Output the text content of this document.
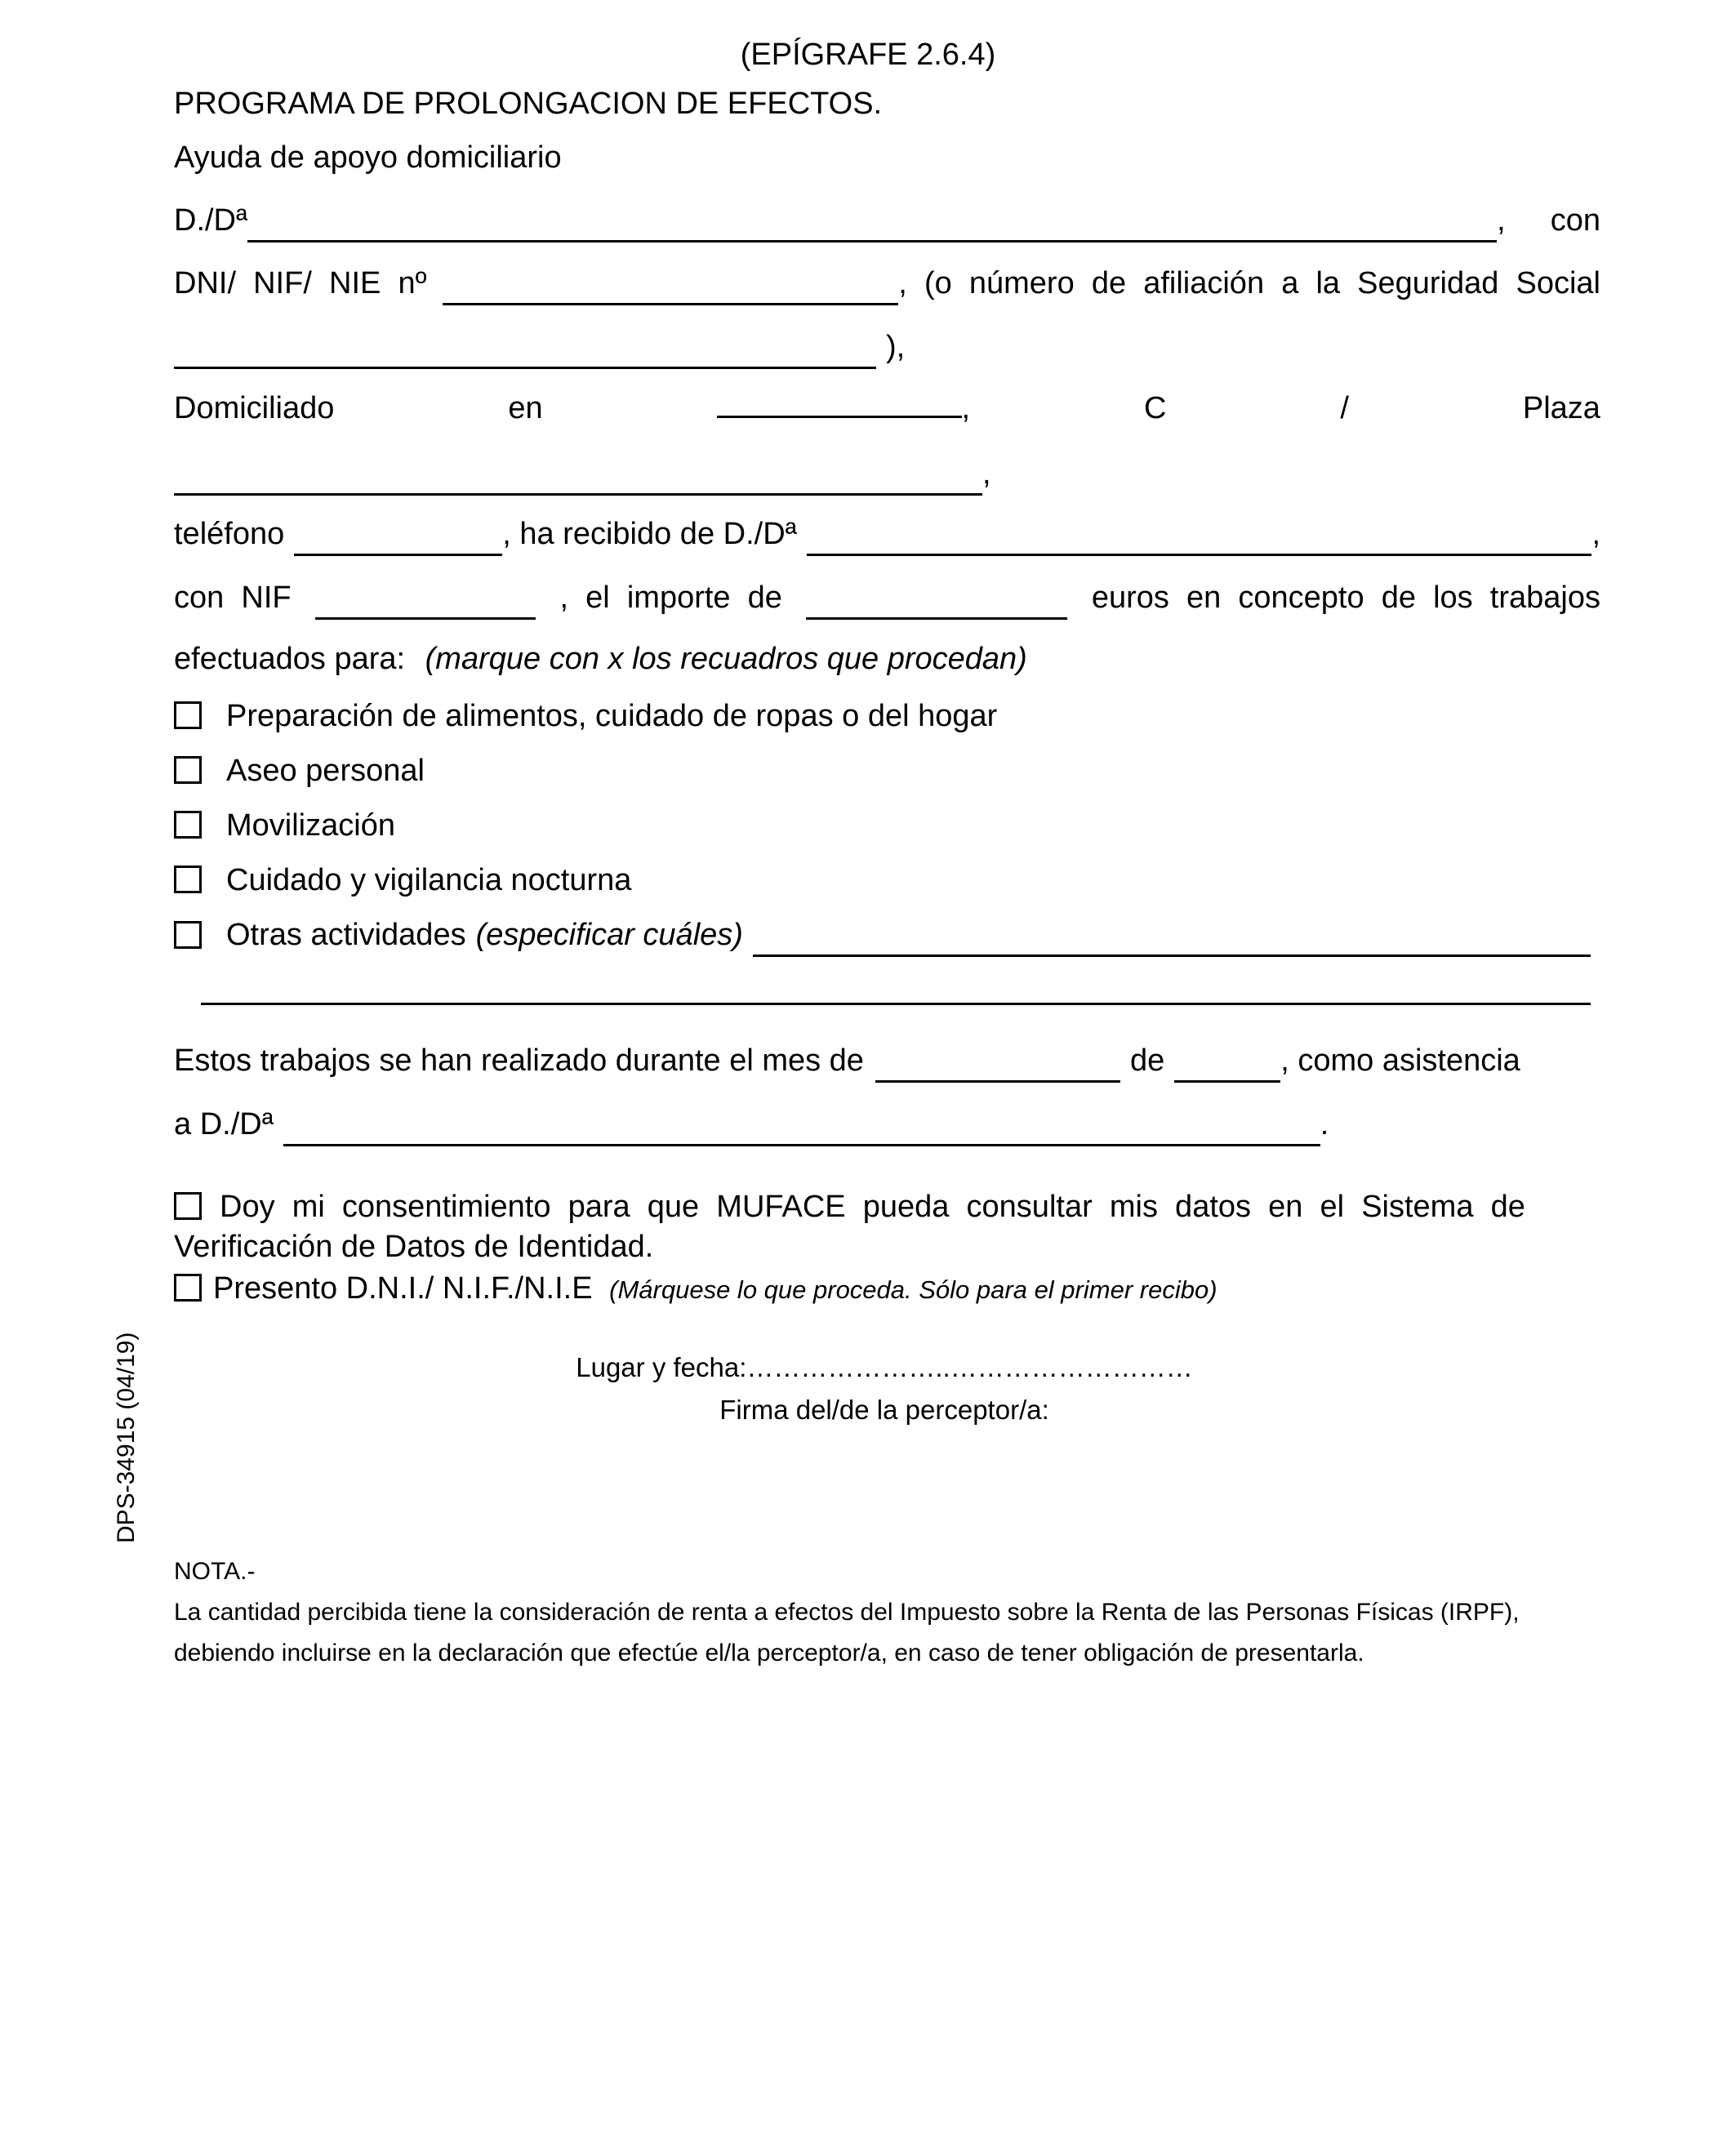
(EPÍGRAFE 2.6.4)
PROGRAMA DE PROLONGACION DE EFECTOS.
Ayuda de apoyo domiciliario
D./Dª	, con
DNI/  NIF/  NIE  nº	,  (o  número  de  afiliación  a  la  Seguridad  Social
),
Domiciliado	en	,	C	/	Plaza
,
teléfono	, ha recibido de D./Dª	,
con  NIF	,  el  importe  de	euros  en  concepto  de  los  trabajos
efectuados para: (marque con x los recuadros que procedan)
Preparación de alimentos, cuidado de ropas o del hogar
Aseo personal
Movilización
Cuidado y vigilancia nocturna
Otras actividades (especificar cuáles)
Estos trabajos se han realizado durante el mes de	de	, como asistencia
a D./Dª	.
Doy  mi  consentimiento  para  que  MUFACE  pueda  consultar  mis  datos  en  el  Sistema  de
Verificación de Datos de Identidad.
Presento D.N.I./ N.I.F./N.I.E (Márquese lo que proceda. Sólo para el primer recibo)
Lugar y fecha:…………………..………………………
Firma del/de la perceptor/a:
DPS-34915 (04/19)
NOTA.-
La cantidad percibida tiene la consideración de renta a efectos del Impuesto sobre la Renta de las Personas Físicas (IRPF),
debiendo incluirse en la declaración que efectúe el/la perceptor/a, en caso de tener obligación de presentarla.
